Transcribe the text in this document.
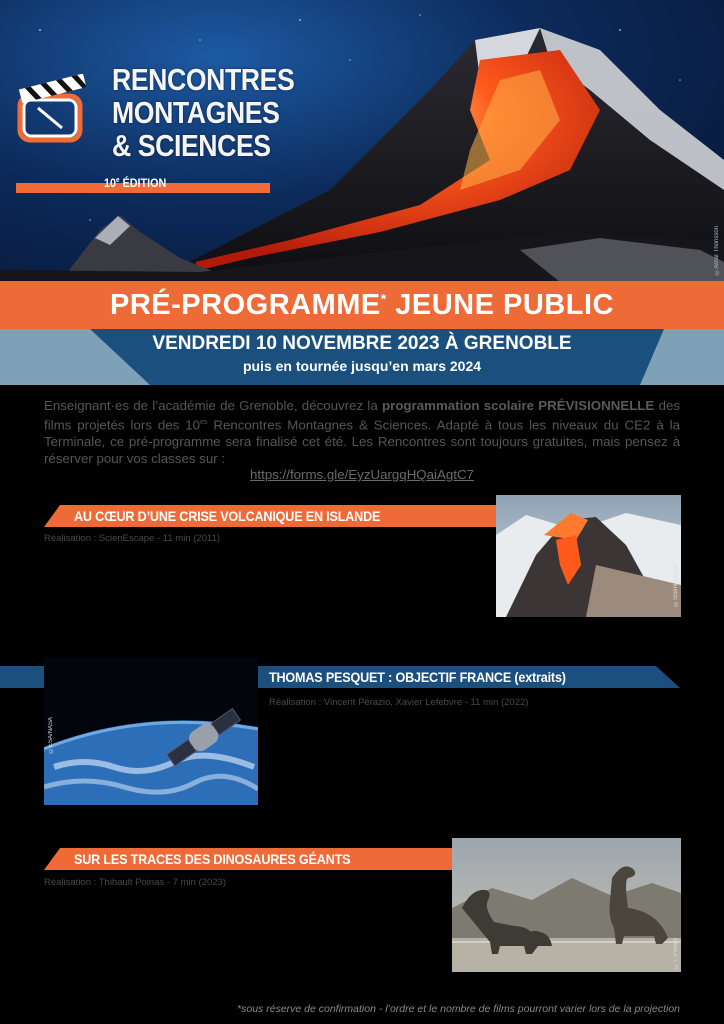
©Arnar Thorisson
RENCONTRES
MONTAGNES
& SCIENCES
10e ÉDITION
PRÉ-PROGRAMME* JEUNE PUBLIC
VENDREDI 10 NOVEMBRE 2023 À GRENOBLE
puis en tournée jusqu’en mars 2024
Enseignant·es de l’académie de Grenoble, découvrez la programmation scolaire PRÉVISIONNELLE des films projetés lors des $10^{es}$ Rencontres Montagnes & Sciences. Adapté à tous les niveaux du CE2 à la Terminale, ce pré-programme sera finalisé cet été. Les Rencontres sont toujours gratuites, mais pensez à réserver pour vos classes sur :
https://forms.gle/EyzUargqHQaiAgtC7
AU CŒUR D’UNE CRISE VOLCANIQUE EN ISLANDE
Réalisation : ScienEscape - 11 min (2011)
©ScienEscape
THOMAS PESQUET : OBJECTIF FRANCE (extraits)
Réalisation : Vincent Pérazio, Xavier Lefebvre - 11 min (2022)
©ESA/NASA
SUR LES TRACES DES DINOSAURES GÉANTS
Réalisation : Thibault Poinas - 7 min (2023)
©T. Poinas
*sous réserve de confirmation - l’ordre et le nombre de films pourront varier lors de la projection
